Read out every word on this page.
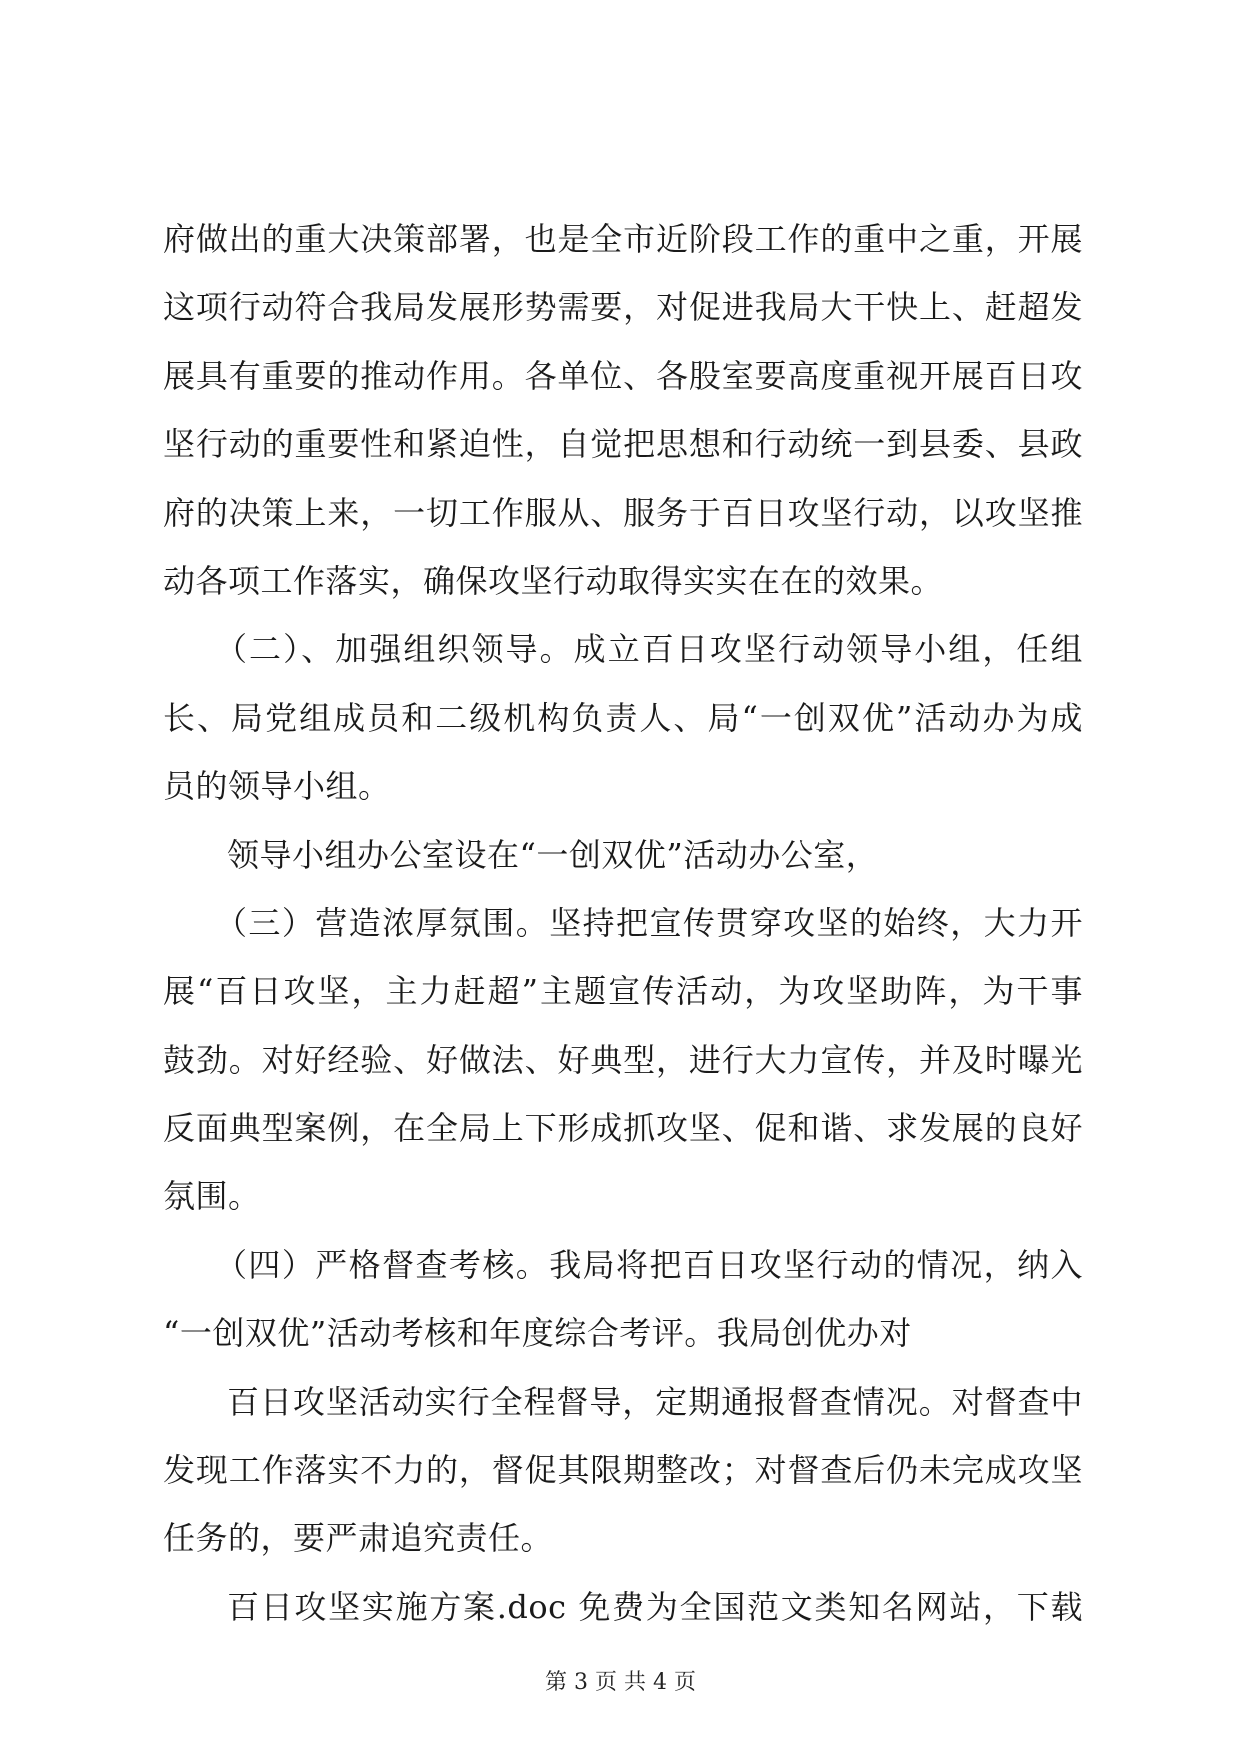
府做出的重大决策部署，也是全市近阶段工作的重中之重，开展
这项行动符合我局发展形势需要，对促进我局大干快上、赶超发
展具有重要的推动作用。各单位、各股室要高度重视开展百日攻
坚行动的重要性和紧迫性，自觉把思想和行动统一到县委、县政
府的决策上来，一切工作服从、服务于百日攻坚行动，以攻坚推
动各项工作落实，确保攻坚行动取得实实在在的效果。
（二）、加强组织领导。成立百日攻坚行动领导小组，任组
长、局党组成员和二级机构负责人、局“一创双优”活动办为成
员的领导小组。
领导小组办公室设在“一创双优”活动办公室，
（三）营造浓厚氛围。坚持把宣传贯穿攻坚的始终，大力开
展“百日攻坚，主力赶超”主题宣传活动，为攻坚助阵，为干事
鼓劲。对好经验、好做法、好典型，进行大力宣传，并及时曝光
反面典型案例，在全局上下形成抓攻坚、促和谐、求发展的良好
氛围。
（四）严格督查考核。我局将把百日攻坚行动的情况，纳入
“一创双优”活动考核和年度综合考评。我局创优办对
百日攻坚活动实行全程督导，定期通报督查情况。对督查中
发现工作落实不力的，督促其限期整改；对督查后仍未完成攻坚
任务的，要严肃追究责任。
百日攻坚实施方案.doc 免费为全国范文类知名网站，下载
第 3 页 共 4 页
